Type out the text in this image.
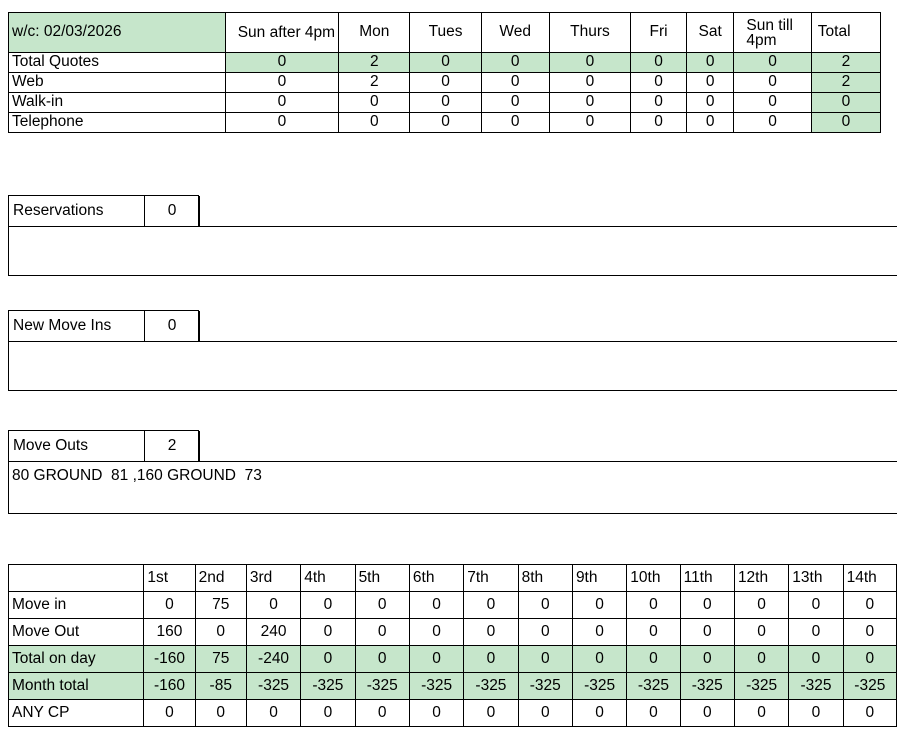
w/c: 02/03/2026	Sun after 4pm	Mon	Tues	Wed	Thurs	Fri	Sat	Sun till 4pm	Total
Total Quotes	0	2	0	0	0	0	0	0	2
Web	0	2	0	0	0	0	0	0	2
Walk-in	0	0	0	0	0	0	0	0	0
Telephone	0	0	0	0	0	0	0	0	0
Reservations	0
New Move Ins	0
Move Outs	2
80 GROUND  81 ,160 GROUND  73
	1st	2nd	3rd	4th	5th	6th	7th	8th	9th	10th	11th	12th	13th	14th
Move in	0	75	0	0	0	0	0	0	0	0	0	0	0	0
Move Out	160	0	240	0	0	0	0	0	0	0	0	0	0	0
Total on day	-160	75	-240	0	0	0	0	0	0	0	0	0	0	0
Month total	-160	-85	-325	-325	-325	-325	-325	-325	-325	-325	-325	-325	-325	-325
ANY CP	0	0	0	0	0	0	0	0	0	0	0	0	0	0
